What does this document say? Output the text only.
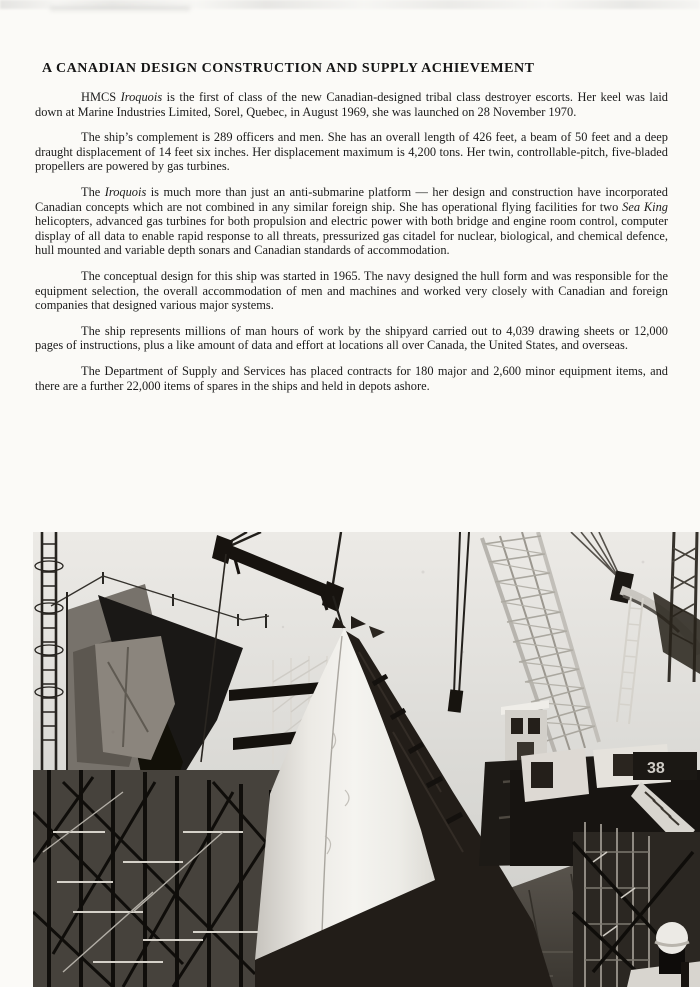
A CANADIAN DESIGN CONSTRUCTION AND SUPPLY ACHIEVEMENT

HMCS Iroquois is the first of class of the new Canadian-designed tribal class destroyer escorts. Her keel was laid down at Marine Industries Limited, Sorel, Quebec, in August 1969, she was launched on 28 November 1970.

The ship’s complement is 289 officers and men. She has an overall length of 426 feet, a beam of 50 feet and a deep draught displacement of 14 feet six inches. Her displacement maximum is 4,200 tons. Her twin, controllable-pitch, five-bladed propellers are powered by gas turbines.

The Iroquois is much more than just an anti-submarine platform — her design and construction have incorporated Canadian concepts which are not combined in any similar foreign ship. She has operational flying facilities for two Sea King helicopters, advanced gas turbines for both propulsion and electric power with both bridge and engine room control, computer display of all data to enable rapid response to all threats, pressurized gas citadel for nuclear, biological, and chemical defence, hull mounted and variable depth sonars and Canadian standards of accommodation.

The conceptual design for this ship was started in 1965. The navy designed the hull form and was responsible for the equipment selection, the overall accommodation of men and machines and worked very closely with Canadian and foreign companies that designed various major systems.

The ship represents millions of man hours of work by the shipyard carried out to 4,039 drawing sheets or 12,000 pages of instructions, plus a like amount of data and effort at locations all over Canada, the United States, and overseas.

The Department of Supply and Services has placed contracts for 180 major and 2,600 minor equipment items, and there are a further 22,000 items of spares in the ships and held in depots ashore.

38
